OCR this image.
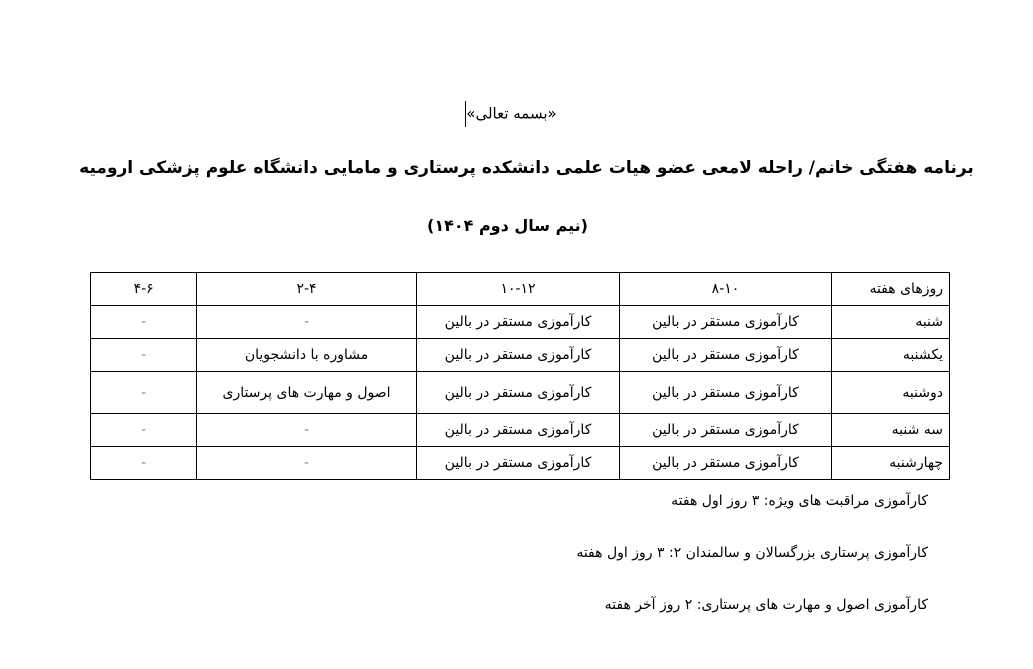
«بسمه تعالی»
برنامه هفتگی خانم/ راحله لامعی عضو هیات علمی دانشکده پرستاری و مامایی دانشگاه علوم پزشکی ارومیه
(نیم سال دوم ۱۴۰۴)
روزهای هفته	۸-۱۰	۱۰-۱۲	۲-۴	۴-۶
شنبه	کارآموزی مستقر در بالین	کارآموزی مستقر در بالین	-	-
یکشنبه	کارآموزی مستقر در بالین	کارآموزی مستقر در بالین	مشاوره با دانشجویان	-
دوشنبه	کارآموزی مستقر در بالین	کارآموزی مستقر در بالین	اصول و مهارت های پرستاری	-
سه شنبه	کارآموزی مستقر در بالین	کارآموزی مستقر در بالین	-	-
چهارشنبه	کارآموزی مستقر در بالین	کارآموزی مستقر در بالین	-	-
کارآموزی مراقبت های ویژه: ۳ روز اول هفته
کارآموزی پرستاری بزرگسالان و سالمندان ۲: ۳ روز اول هفته
کارآموزی اصول و مهارت های پرستاری: ۲ روز آخر هفته
